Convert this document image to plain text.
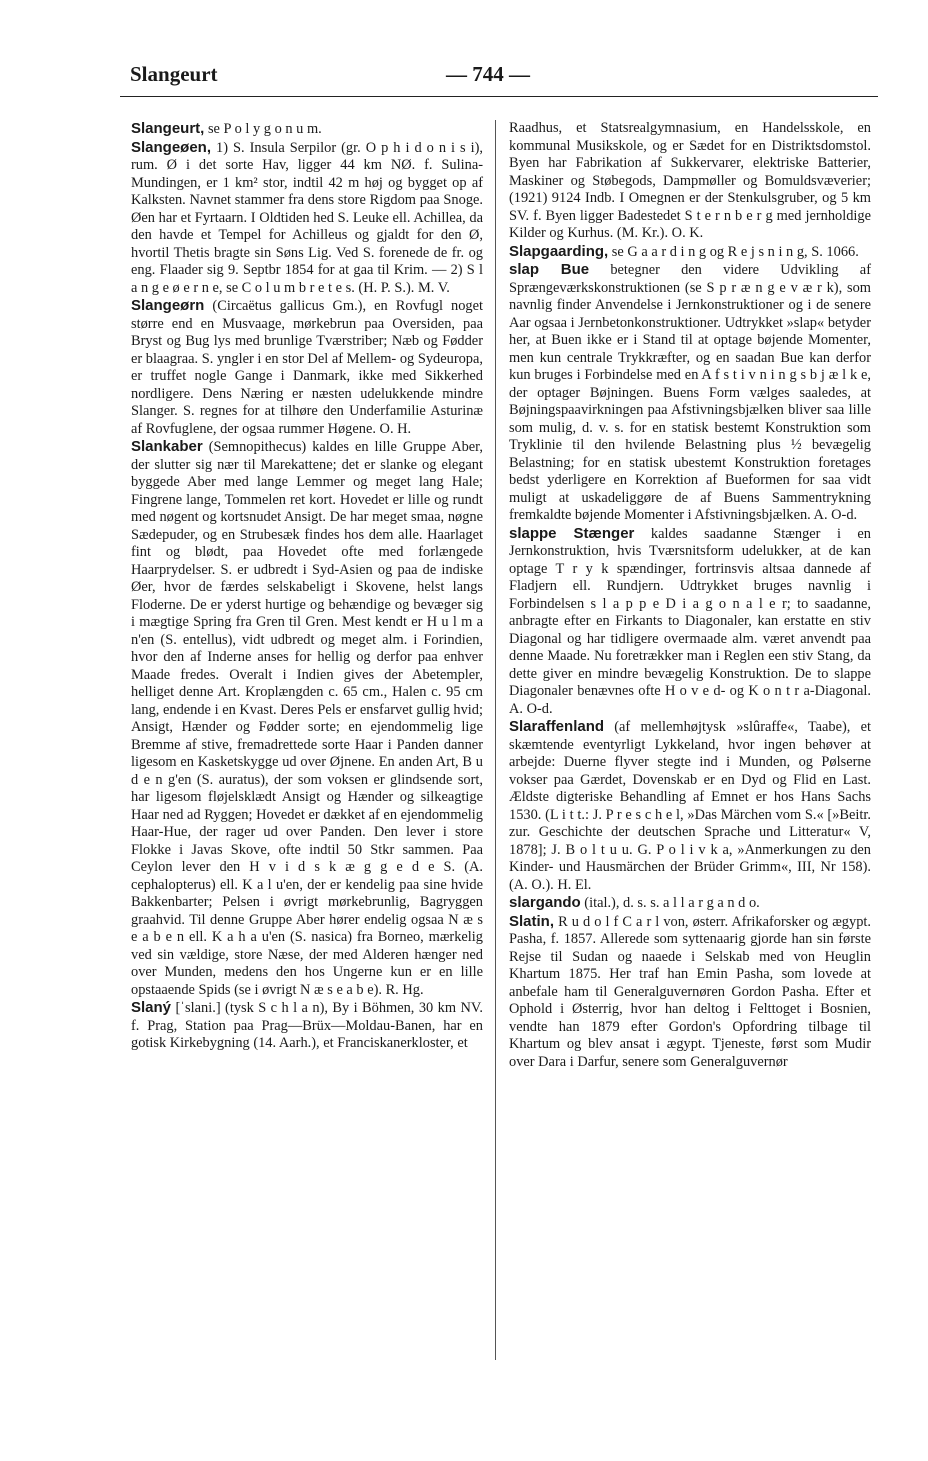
Slangeurt	— 744 —

Slangeurt, se P o l y g o n u m.

Slangeøen, 1) S. Insula Serpilor (gr. O p h i d o n i s i), rum. Ø i det sorte Hav, ligger 44 km NØ. f. Sulina-Mundingen, er 1 km² stor, indtil 42 m høj og bygget op af Kalksten. Navnet stammer fra dens store Rigdom paa Snoge. Øen har et Fyrtaarn. I Oldtiden hed S. Leuke ell. Achillea, da den havde et Tempel for Achilleus og gjaldt for den Ø, hvortil Thetis bragte sin Søns Lig. Ved S. forenede de fr. og eng. Flaader sig 9. Septbr 1854 for at gaa til Krim. — 2) S l a n g e ø e r n e, se C o l u m b r e t e s. (H. P. S.). M. V.

Slangeørn (Circaëtus gallicus Gm.), en Rovfugl noget større end en Musvaage, mørkebrun paa Oversiden, paa Bryst og Bug lys med brunlige Tværstriber; Næb og Fødder er blaagraa. S. yngler i en stor Del af Mellem- og Sydeuropa, er truffet nogle Gange i Danmark, ikke med Sikkerhed nordligere. Dens Næring er næsten udelukkende mindre Slanger. S. regnes for at tilhøre den Underfamilie Asturinæ af Rovfuglene, der ogsaa rummer Høgene. O. H.

Slankaber (Semnopithecus) kaldes en lille Gruppe Aber, der slutter sig nær til Marekattene; det er slanke og elegant byggede Aber med lange Lemmer og meget lang Hale; Fingrene lange, Tommelen ret kort. Hovedet er lille og rundt med nøgent og kortsnudet Ansigt. De har meget smaa, nøgne Sædepuder, og en Strubesæk findes hos dem alle. Haarlaget fint og blødt, paa Hovedet ofte med forlængede Haarprydelser. S. er udbredt i Syd-Asien og paa de indiske Øer, hvor de færdes selskabeligt i Skovene, helst langs Floderne. De er yderst hurtige og behændige og bevæger sig i mægtige Spring fra Gren til Gren. Mest kendt er H u l m a n'en (S. entellus), vidt udbredt og meget alm. i Forindien, hvor den af Inderne anses for hellig og derfor paa enhver Maade fredes. Overalt i Indien gives der Abetempler, helliget denne Art. Kroplængden c. 65 cm., Halen c. 95 cm lang, endende i en Kvast. Deres Pels er ensfarvet gullig hvid; Ansigt, Hænder og Fødder sorte; en ejendommelig lige Bremme af stive, fremadrettede sorte Haar i Panden danner ligesom en Kasketskygge ud over Øjnene. En anden Art, B u d e n g'en (S. auratus), der som voksen er glindsende sort, har ligesom fløjelsklædt Ansigt og Hænder og silkeagtige Haar ned ad Ryggen; Hovedet er dækket af en ejendommelig Haar-Hue, der rager ud over Panden. Den lever i store Flokke i Javas Skove, ofte indtil 50 Stkr sammen. Paa Ceylon lever den H v i d s k æ g g e d e S. (A. cephalopterus) ell. K a l u'en, der er kendelig paa sine hvide Bakkenbarter; Pelsen i øvrigt mørkebrunlig, Bagryggen graahvid. Til denne Gruppe Aber hører endelig ogsaa N æ s e a b e n ell. K a h a u'en (S. nasica) fra Borneo, mærkelig ved sin vældige, store Næse, der med Alderen hænger ned over Munden, medens den hos Ungerne kun er en lille opstaaende Spids (se i øvrigt N æ s e a b e). R. Hg.

Slaný [ˈslani.] (tysk S c h l a n), By i Böhmen, 30 km NV. f. Prag, Station paa Prag—Brüx—Moldau-Banen, har en gotisk Kirkebygning (14. Aarh.), et Franciskanerkloster, et

Raadhus, et Statsrealgymnasium, en Handelsskole, en kommunal Musikskole, og er Sædet for en Distriktsdomstol. Byen har Fabrikation af Sukkervarer, elektriske Batterier, Maskiner og Støbegods, Dampmøller og Bomuldsvæverier; (1921) 9124 Indb. I Omegnen er der Stenkulsgruber, og 5 km SV. f. Byen ligger Badestedet S t e r n b e r g med jernholdige Kilder og Kurhus. (M. Kr.). O. K.

Slapgaarding, se G a a r d i n g og R e j s n i n g, S. 1066.

slap Bue betegner den videre Udvikling af Sprængeværkskonstruktionen (se S p r æ n g e v æ r k), som navnlig finder Anvendelse i Jernkonstruktioner og i de senere Aar ogsaa i Jernbetonkonstruktioner. Udtrykket »slap« betyder her, at Buen ikke er i Stand til at optage bøjende Momenter, men kun centrale Trykkræfter, og en saadan Bue kan derfor kun bruges i Forbindelse med en A f s t i v n i n g s b j æ l k e, der optager Bøjningen. Buens Form vælges saaledes, at Bøjningspaavirkningen paa Afstivningsbjælken bliver saa lille som mulig, d. v. s. for en statisk bestemt Konstruktion som Tryklinie til den hvilende Belastning plus ½ bevægelig Belastning; for en statisk ubestemt Konstruktion foretages bedst yderligere en Korrektion af Bueformen for saa vidt muligt at uskadeliggøre de af Buens Sammentrykning fremkaldte bøjende Momenter i Afstivningsbjælken. A. O-d.

slappe Stænger kaldes saadanne Stænger i en Jernkonstruktion, hvis Tværsnitsform udelukker, at de kan optage T r y k spændinger, fortrinsvis altsaa dannede af Fladjern ell. Rundjern. Udtrykket bruges navnlig i Forbindelsen s l a p p e D i a g o n a l e r; to saadanne, anbragte efter en Firkants to Diagonaler, kan erstatte en stiv Diagonal og har tidligere overmaade alm. været anvendt paa denne Maade. Nu foretrækker man i Reglen een stiv Stang, da dette giver en mindre bevægelig Konstruktion. De to slappe Diagonaler benævnes ofte H o v e d- og K o n t r a-Diagonal. A. O-d.

Slaraffenland (af mellemhøjtysk »slûraffe«, Taabe), et skæmtende eventyrligt Lykkeland, hvor ingen behøver at arbejde: Duerne flyver stegte ind i Munden, og Pølserne vokser paa Gærdet, Dovenskab er en Dyd og Flid en Last. Ældste digteriske Behandling af Emnet er hos Hans Sachs 1530. (L i t t.: J. P r e s c h e l, »Das Märchen vom S.« [»Beitr. zur. Geschichte der deutschen Sprache und Litteratur« V, 1878]; J. B o l t u u. G. P o l i v k a, »Anmerkungen zu den Kinder- und Hausmärchen der Brüder Grimm«, III, Nr 158). (A. O.). H. El.

slargando (ital.), d. s. s. a l l a r g a n d o.

Slatin, R u d o l f C a r l von, østerr. Afrikaforsker og ægypt. Pasha, f. 1857. Allerede som syttenaarig gjorde han sin første Rejse til Sudan og naaede i Selskab med von Heuglin Khartum 1875. Her traf han Emin Pasha, som lovede at anbefale ham til Generalguvernøren Gordon Pasha. Efter et Ophold i Østerrig, hvor han deltog i Felttoget i Bosnien, vendte han 1879 efter Gordon's Opfordring tilbage til Khartum og blev ansat i ægypt. Tjeneste, først som Mudir over Dara i Darfur, senere som Generalguvernør
